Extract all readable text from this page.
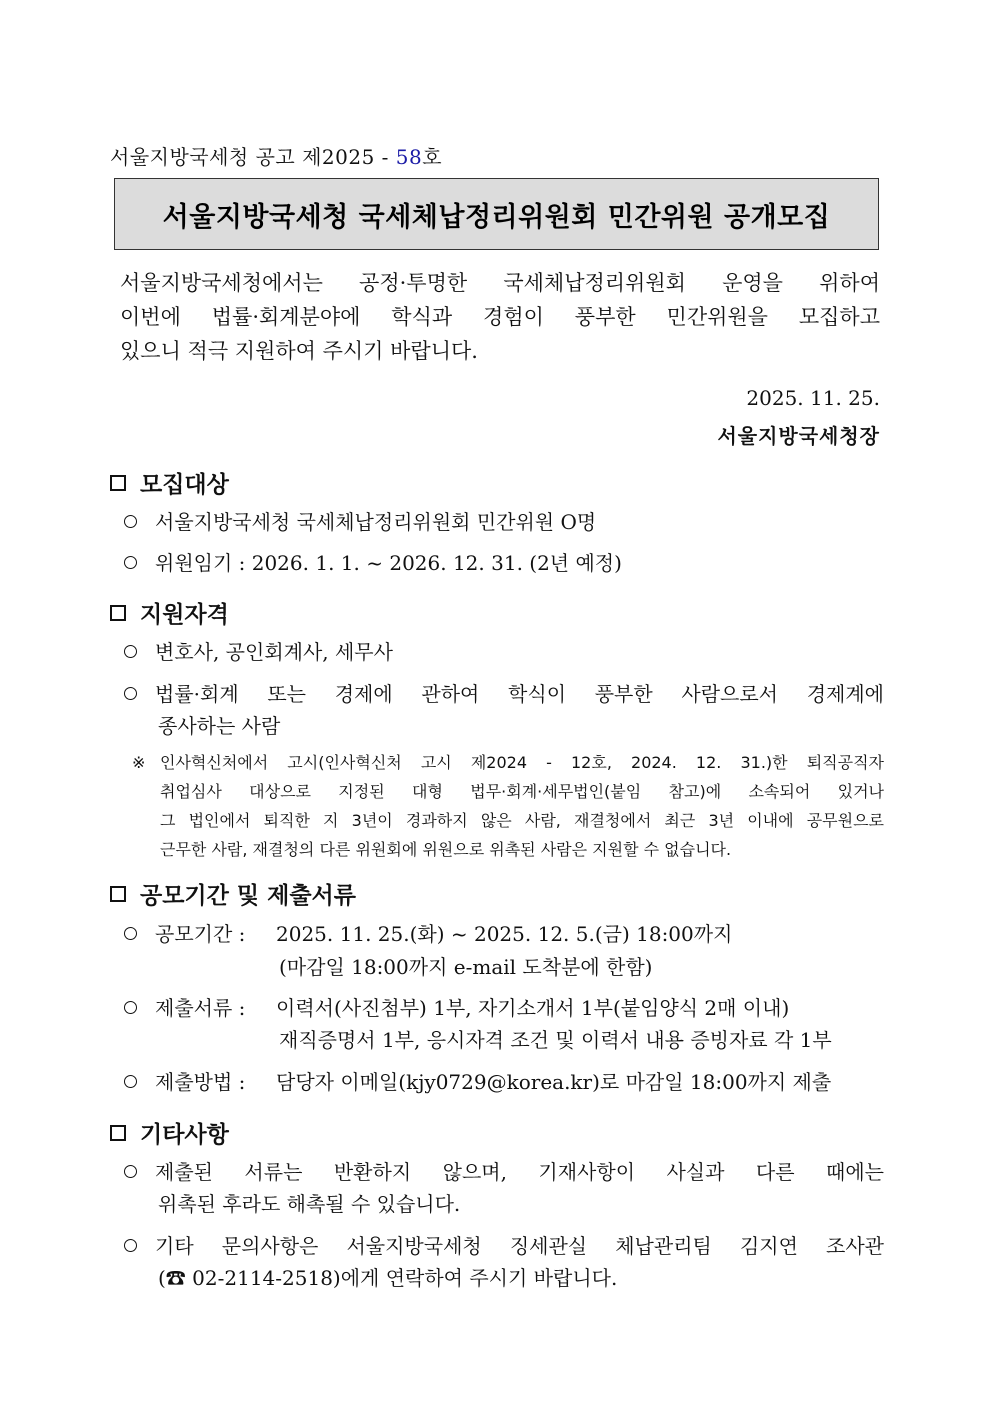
서울지방국세청 공고 제2025 - 58호
서울지방국세청 국세체납정리위원회 민간위원 공개모집
서울지방국세청에서는 공정·투명한 국세체납정리위원회 운영을 위하여
이번에 법률·회계분야에 학식과 경험이 풍부한 민간위원을 모집하고
있으니 적극 지원하여 주시기 바랍니다.
2025. 11. 25.
서울지방국세청장
모집대상
서울지방국세청 국세체납정리위원회 민간위원 O명
위원임기 : 2026. 1. 1. ~ 2026. 12. 31. (2년 예정)
지원자격
변호사, 공인회계사, 세무사
법률·회계 또는 경제에 관하여 학식이 풍부한 사람으로서 경제계에
종사하는 사람
※ 인사혁신처에서 고시(인사혁신처 고시 제2024 - 12호, 2024. 12. 31.)한 퇴직공직자
취업심사 대상으로 지정된 대형 법무·회계·세무법인(붙임 참고)에 소속되어 있거나
그 법인에서 퇴직한 지 3년이 경과하지 않은 사람, 재결청에서 최근 3년 이내에 공무원으로
근무한 사람, 재결청의 다른 위원회에 위원으로 위촉된 사람은 지원할 수 없습니다.
공모기간 및 제출서류
공모기간 : 2025. 11. 25.(화) ~ 2025. 12. 5.(금) 18:00까지
(마감일 18:00까지 e-mail 도착분에 한함)
제출서류 : 이력서(사진첨부) 1부, 자기소개서 1부(붙임양식 2매 이내)
재직증명서 1부, 응시자격 조건 및 이력서 내용 증빙자료 각 1부
제출방법 : 담당자 이메일(kjy0729@korea.kr)로 마감일 18:00까지 제출
기타사항
제출된 서류는 반환하지 않으며, 기재사항이 사실과 다른 때에는
위촉된 후라도 해촉될 수 있습니다.
기타 문의사항은 서울지방국세청 징세관실 체납관리팀 김지연 조사관
(☎ 02-2114-2518)에게 연락하여 주시기 바랍니다.
